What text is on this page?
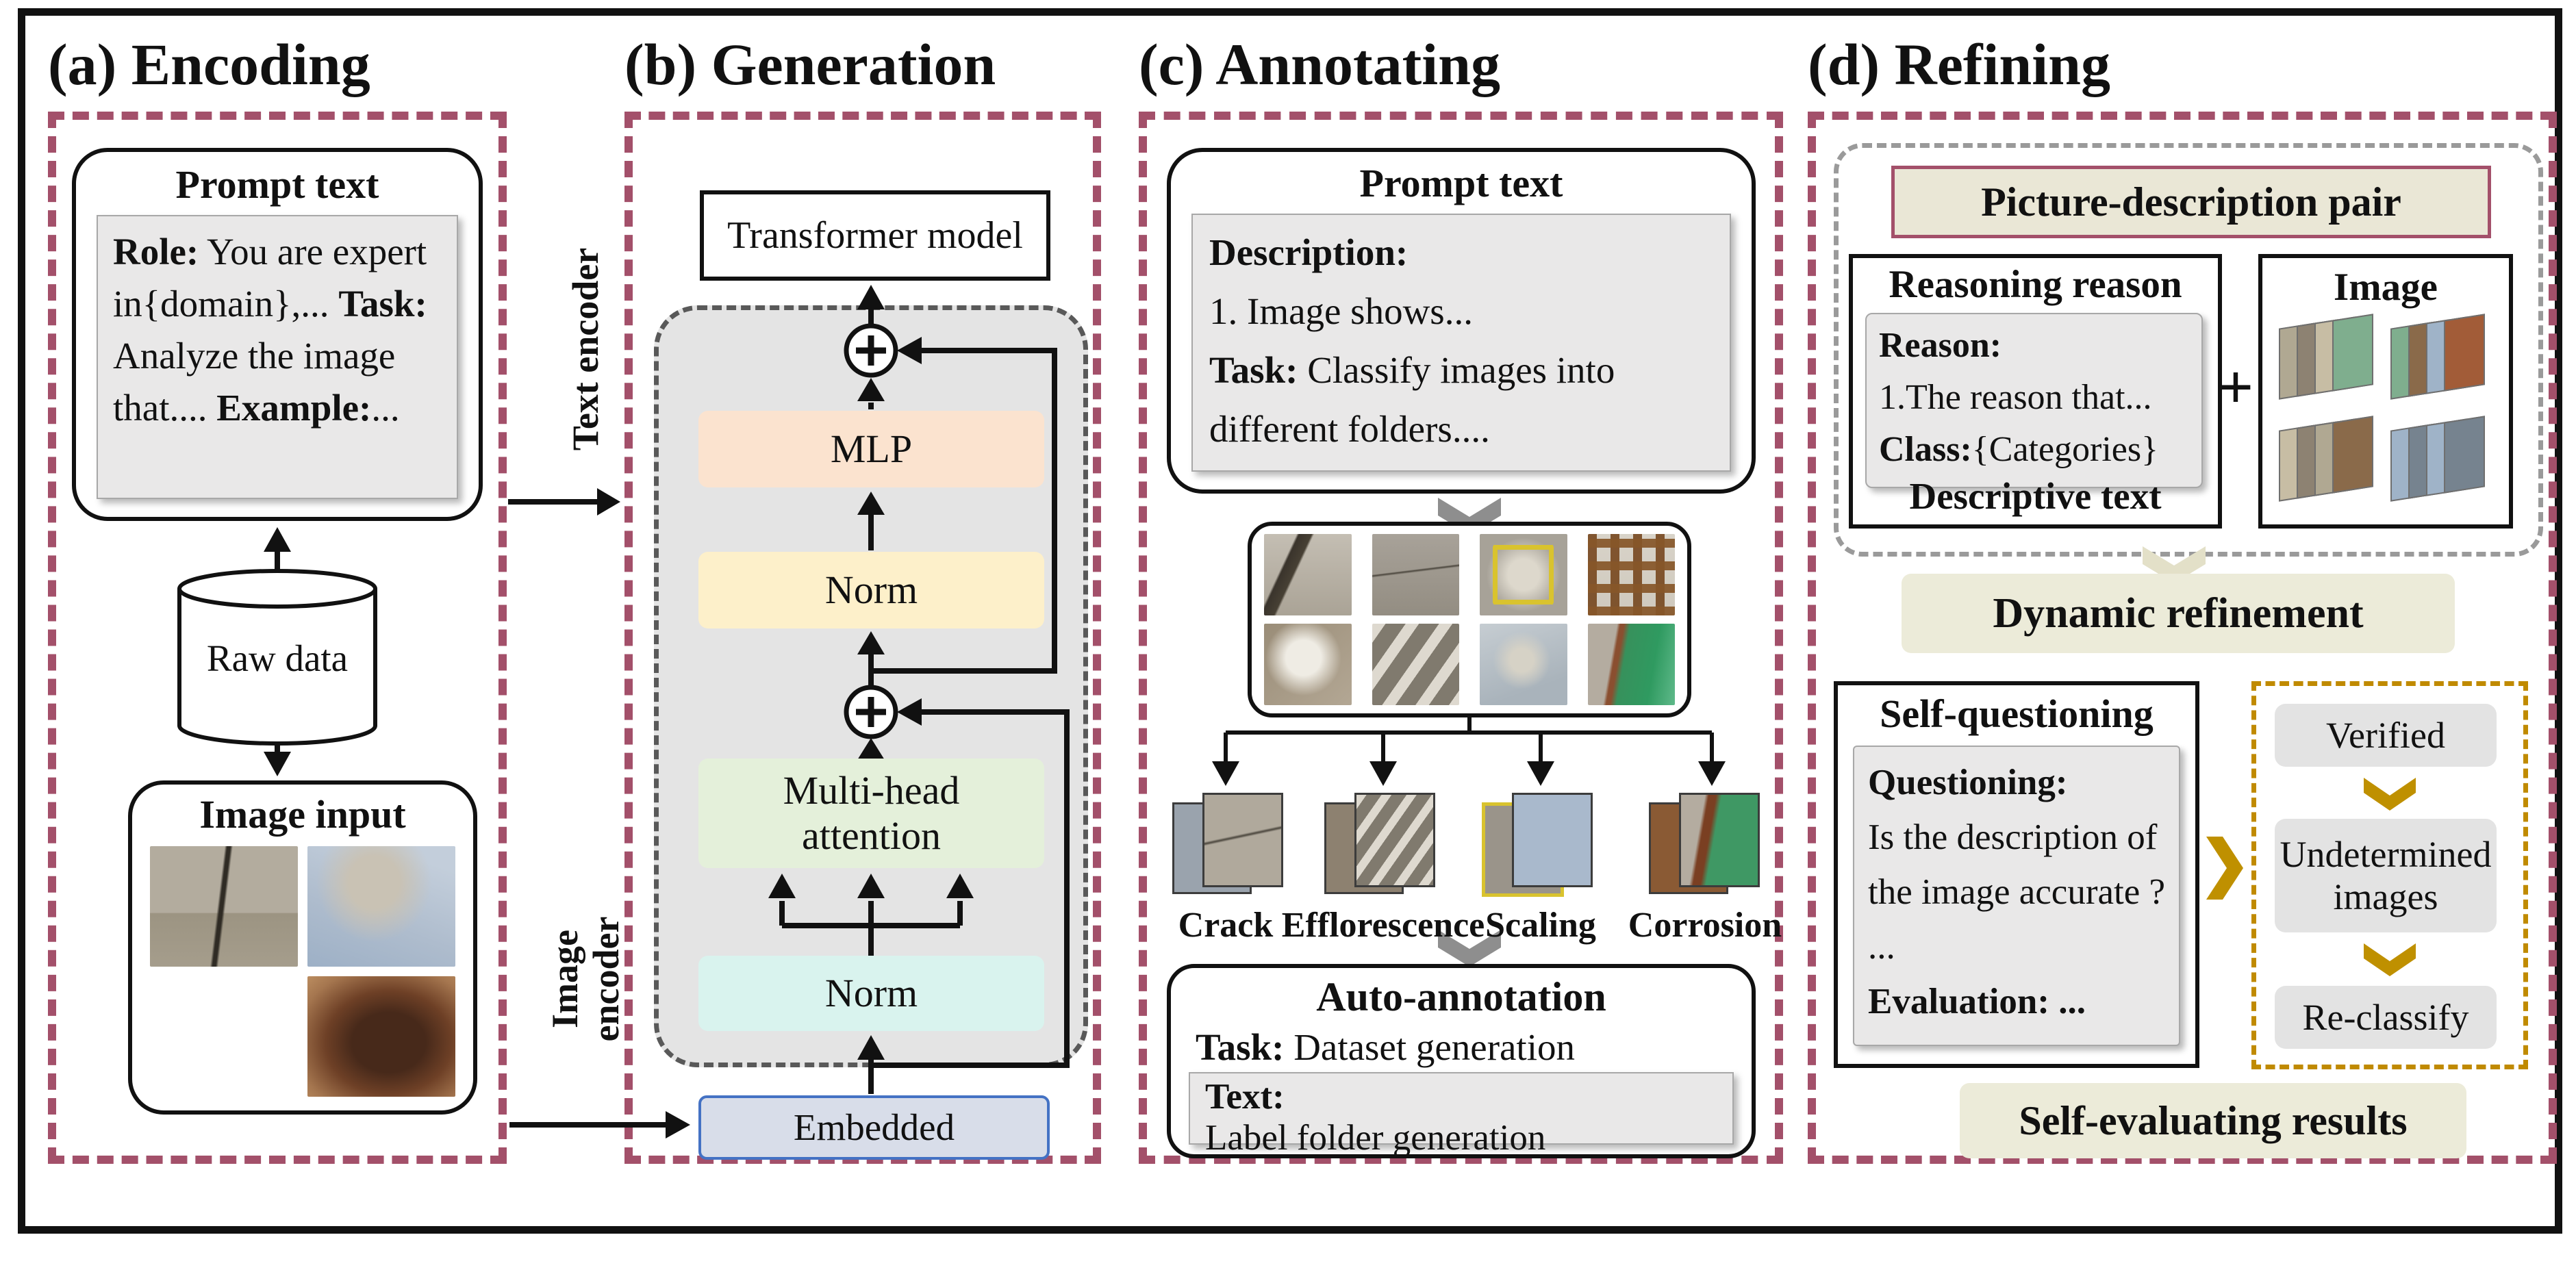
(a) Encoding	(b) Generation (c) Annotating	(d) Refining
Prompt text
Role: You are expert in{domain},... Task: Analyze the image that.... Example:...
Raw data
Image input
Text encoder
Image encoder
Transformer model
MLP
Norm
Multi-head attention
Norm
Embedded
Prompt text
Description:
1. Image shows...
Task: Classify images into different folders....
Crack Efflorescence Scaling Corrosion
Auto-annotation
Task: Dataset generation
Text:
Label folder generation
Picture-description pair
Reasoning reason
Reason:
1.The reason that...
Class:{Categories}
Descriptive text
+
Image
Dynamic refinement
Self-questioning
Questioning:
Is the description of the image accurate ? ...
Evaluation: ...
Verified
Undetermined images
Re-classify
Self-evaluating results
